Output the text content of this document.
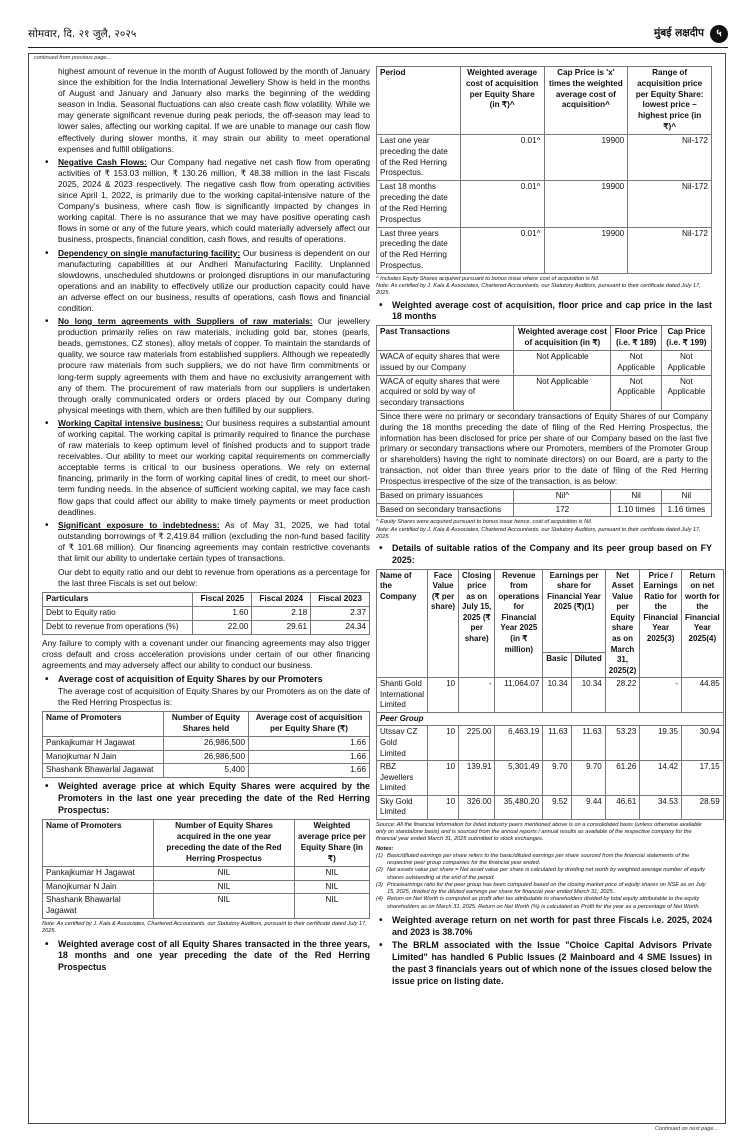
सोमवार, दि. २१ जुलै, २०२५	मुंबई लक्षदीप	५
continued from previous page...
Continued on next page...

highest amount of revenue in the month of August followed by the month of January since the exhibition for the India International Jewellery Show is held in the months of August and January and January also marks the beginning of the wedding season in India. Seasonal fluctuations can also create cash flow volatility. While we may generate significant revenue during peak periods, the off-season may lead to lower sales, affecting our working capital. If we are unable to manage our cash flow effectively during slower months, it may strain our ability to meet operational expenses and fulfill obligations.

• Negative Cash Flows: Our Company had negative net cash flow from operating activities of ₹ 153.03 million, ₹ 130.26 million, ₹ 48.38 million in the last Fiscals 2025, 2024 & 2023 respectively. The negative cash flow from operating activities since April 1, 2022, is primarily due to the working capital-intensive nature of the Company's business, where cash flow is significantly impacted by changes in working capital. There is no assurance that we may have positive operating cash flows in some or any of the future years, which could materially adversely affect our business, prospects, financial condition, cash flows, and results of operations.
• Dependency on single manufacturing facility: Our business is dependent on our manufacturing capabilities at our Andheri Manufacturing Facility. Unplanned slowdowns, unscheduled shutdowns or prolonged disruptions in our manufacturing operations and an inability to effectively utilize our production capacity could have an adverse effect on our business, results of operations, cash flows and financial condition.
• No long term agreements with Suppliers of raw materials: Our jewellery production primarily relies on raw materials, including gold bar, stones (pearls, beads, gemstones, CZ stones), alloy metals of copper. To maintain the standards of quality, we source raw materials from established suppliers. Although we repeatedly procure raw materials from such suppliers, we do not have firm commitments or long-term supply agreements with them and have no exclusivity arrangement with any of them. The procurement of raw materials from our suppliers is undertaken through orally communicated orders or orders placed by our Company during physical meetings with them, which are then fulfilled by our suppliers.
• Working Capital intensive business: Our business requires a substantial amount of working capital. The working capital is primarily required to finance the purchase of raw materials to keep optimum level of finished products and to support trade receivables. Our ability to meet our working capital requirements on commercially acceptable terms is critical to our business operations. We rely on external financing, primarily in the form of working capital lines of credit, to meet our short-term funding needs. In the absence of sufficient working capital, we may face cash flow gaps that could affect our ability to make timely payments or meet production deadlines.
• Significant exposure to indebtedness: As of May 31, 2025, we had total outstanding borrowings of ₹ 2,419.84 million (excluding the non-fund based facility of ₹ 101.68 million). Our financing agreements may contain restrictive covenants that limit our ability to undertake certain types of transactions.

Our debt to equity ratio and our debt to revenue from operations as a percentage for the last three Fiscals is set out below:

Particulars	Fiscal 2025	Fiscal 2024	Fiscal 2023
Debt to Equity ratio	1.60	2.18	2.37
Debt to revenue from operations (%)	22.00	29.61	24.34

Any failure to comply with a covenant under our financing agreements may also trigger cross default and cross acceleration provisions under certain of our other financing agreements and may adversely affect our ability to conduct our business.

• Average cost of acquisition of Equity Shares by our Promoters

The average cost of acquisition of Equity Shares by our Promoters as on the date of the Red Herring Prospectus is:

Name of Promoters	Number of Equity Shares held	Average cost of acquisition per Equity Share (₹)
Pankajkumar H Jagawat	26,986,500	1.66
Manojkumar N Jain	26,986,500	1.66
Shashank Bhawarlal Jagawat	5,400	1.66
• Weighted average price at which Equity Shares were acquired by the Promoters in the last one year preceding the date of the Red Herring Prospectus:
Name of Promoters	Number of Equity Shares acquired in the one year preceding the date of the Red Herring Prospectus	Weighted average price per Equity Share (in ₹)
Pankajkumar H Jagawat	NIL	NIL
Manojkumar N Jain	NIL	NIL
Shashank Bhawarlal Jagawat	NIL	NIL
Note: As certified by J. Kala & Associates, Chartered Accountants, our Statutory Auditors, pursuant to their certificate dated July 17, 2025.
• Weighted average cost of all Equity Shares transacted in the three years, 18 months and one year preceding the date of the Red Herring Prospectus
Period	Weighted average cost of acquisition per Equity Share (in ₹)^	Cap Price is 'x' times the weighted average cost of acquisition^	Range of acquisition price per Equity Share: lowest price – highest price (in ₹)^
Last one year preceding the date of the Red Herring Prospectus.	0.01^	19900	Nil-172
Last 18 months preceding the date of the Red Herring Prospectus	0.01^	19900	Nil-172
Last three years preceding the date of the Red Herring Prospectus.	0.01^	19900	Nil-172
^ Includes Equity Shares acquired pursuant to bonus issue where cost of acquisition is Nil.
Note: As certified by J. Kala & Associates, Chartered Accountants, our Statutory Auditors, pursuant to their certificate dated July 17, 2025.
• Weighted average cost of acquisition, floor price and cap price in the last 18 months
Past Transactions	Weighted average cost of acquisition (in ₹)	Floor Price (i.e. ₹ 189)	Cap Price (i.e. ₹ 199)
WACA of equity shares that were issued by our Company	Not Applicable	Not Applicable	Not Applicable
WACA of equity shares that were acquired or sold by way of secondary transactions	Not Applicable	Not Applicable	Not Applicable
Since there were no primary or secondary transactions of Equity Shares of our Company during the 18 months preceding the date of filing of the Red Herring Prospectus, the information has been disclosed for price per share of our Company based on the last five primary or secondary transactions where our Promoters, members of the Promoter Group or shareholders) having the right to nominate directors) on our Board, are a party to the transaction, not older than three years prior to the date of filing of the Red Herring Prospectus irrespective of the size of the transaction, is as below:			
Based on primary issuances	Nil^	Nil	Nil
Based on secondary transactions	172	1.10 times	1.16 times
^ Equity Shares were acquired pursuant to bonus issue hence, cost of acquisition is Nil.
Note: As certified by J. Kala & Associates, Chartered Accountants, our Statutory Auditors, pursuant to their certificate dated July 17, 2025.
• Details of suitable ratios of the Company and its peer group based on FY 2025:
Name of the Company	Face Value (₹ per share)	Closing price as on July 15, 2025 (₹ per share)	Revenue from operations for Financial Year 2025 (in ₹ million)	Earnings per share for Financial Year 2025 (₹)(1)		Net Asset Value per Equity share as on March 31, 2025(2)	Price / Earnings Ratio for the Financial Year 2025(3)	Return on net worth for the Financial Year 2025(4)
				Basic	Diluted			
Shanti Gold International Limited	10	-	11,064.07	10.34	10.34	28.22	-	44.85
Peer Group								
Utssav CZ Gold Limited	10	225.00	6,463.19	11.63	11.63	53.23	19.35	30.94
RBZ Jewellers Limited	10	139.91	5,301.49	9.70	9.70	61.26	14.42	17.15
Sky Gold Limited	10	326.00	35,480.20	9.52	9.44	46.61	34.53	28.59
Source: All the financial information for listed industry peers mentioned above is on a consolidated basis (unless otherwise available only on standalone basis) and is sourced from the annual reports / annual results as available of the respective company for the financial year ended March 31, 2025 submitted to stock exchanges.
Notes:
(1) Basic/diluted earnings per share refers to the basic/diluted earnings per share sourced from the financial statements of the respective peer group companies for the financial year ended.
(2) Net assets value per share = Net asset value per share is calculated by dividing net worth by weighted average number of equity shares outstanding at the end of the period.
(3) Price/earnings ratio for the peer group has been computed based on the closing market price of equity shares on NSE as on July 15, 2025, divided by the diluted earnings per share for financial year ended March 31, 2025.
(4) Return on Net Worth is computed as profit after tax attributable to shareholders divided by total equity attributable to the equity shareholders as on March 31, 2025. Return on Net Worth (%) is calculated as Profit for the year as a percentage of Net Worth.
• Weighted average return on net worth for past three Fiscals i.e. 2025, 2024 and 2023 is 38.70%
• The BRLM associated with the Issue "Choice Capital Advisors Private Limited" has handled 6 Public Issues (2 Mainboard and 4 SME Issues) in the past 3 financials years out of which none of the issues closed below the issue price on listing date.
